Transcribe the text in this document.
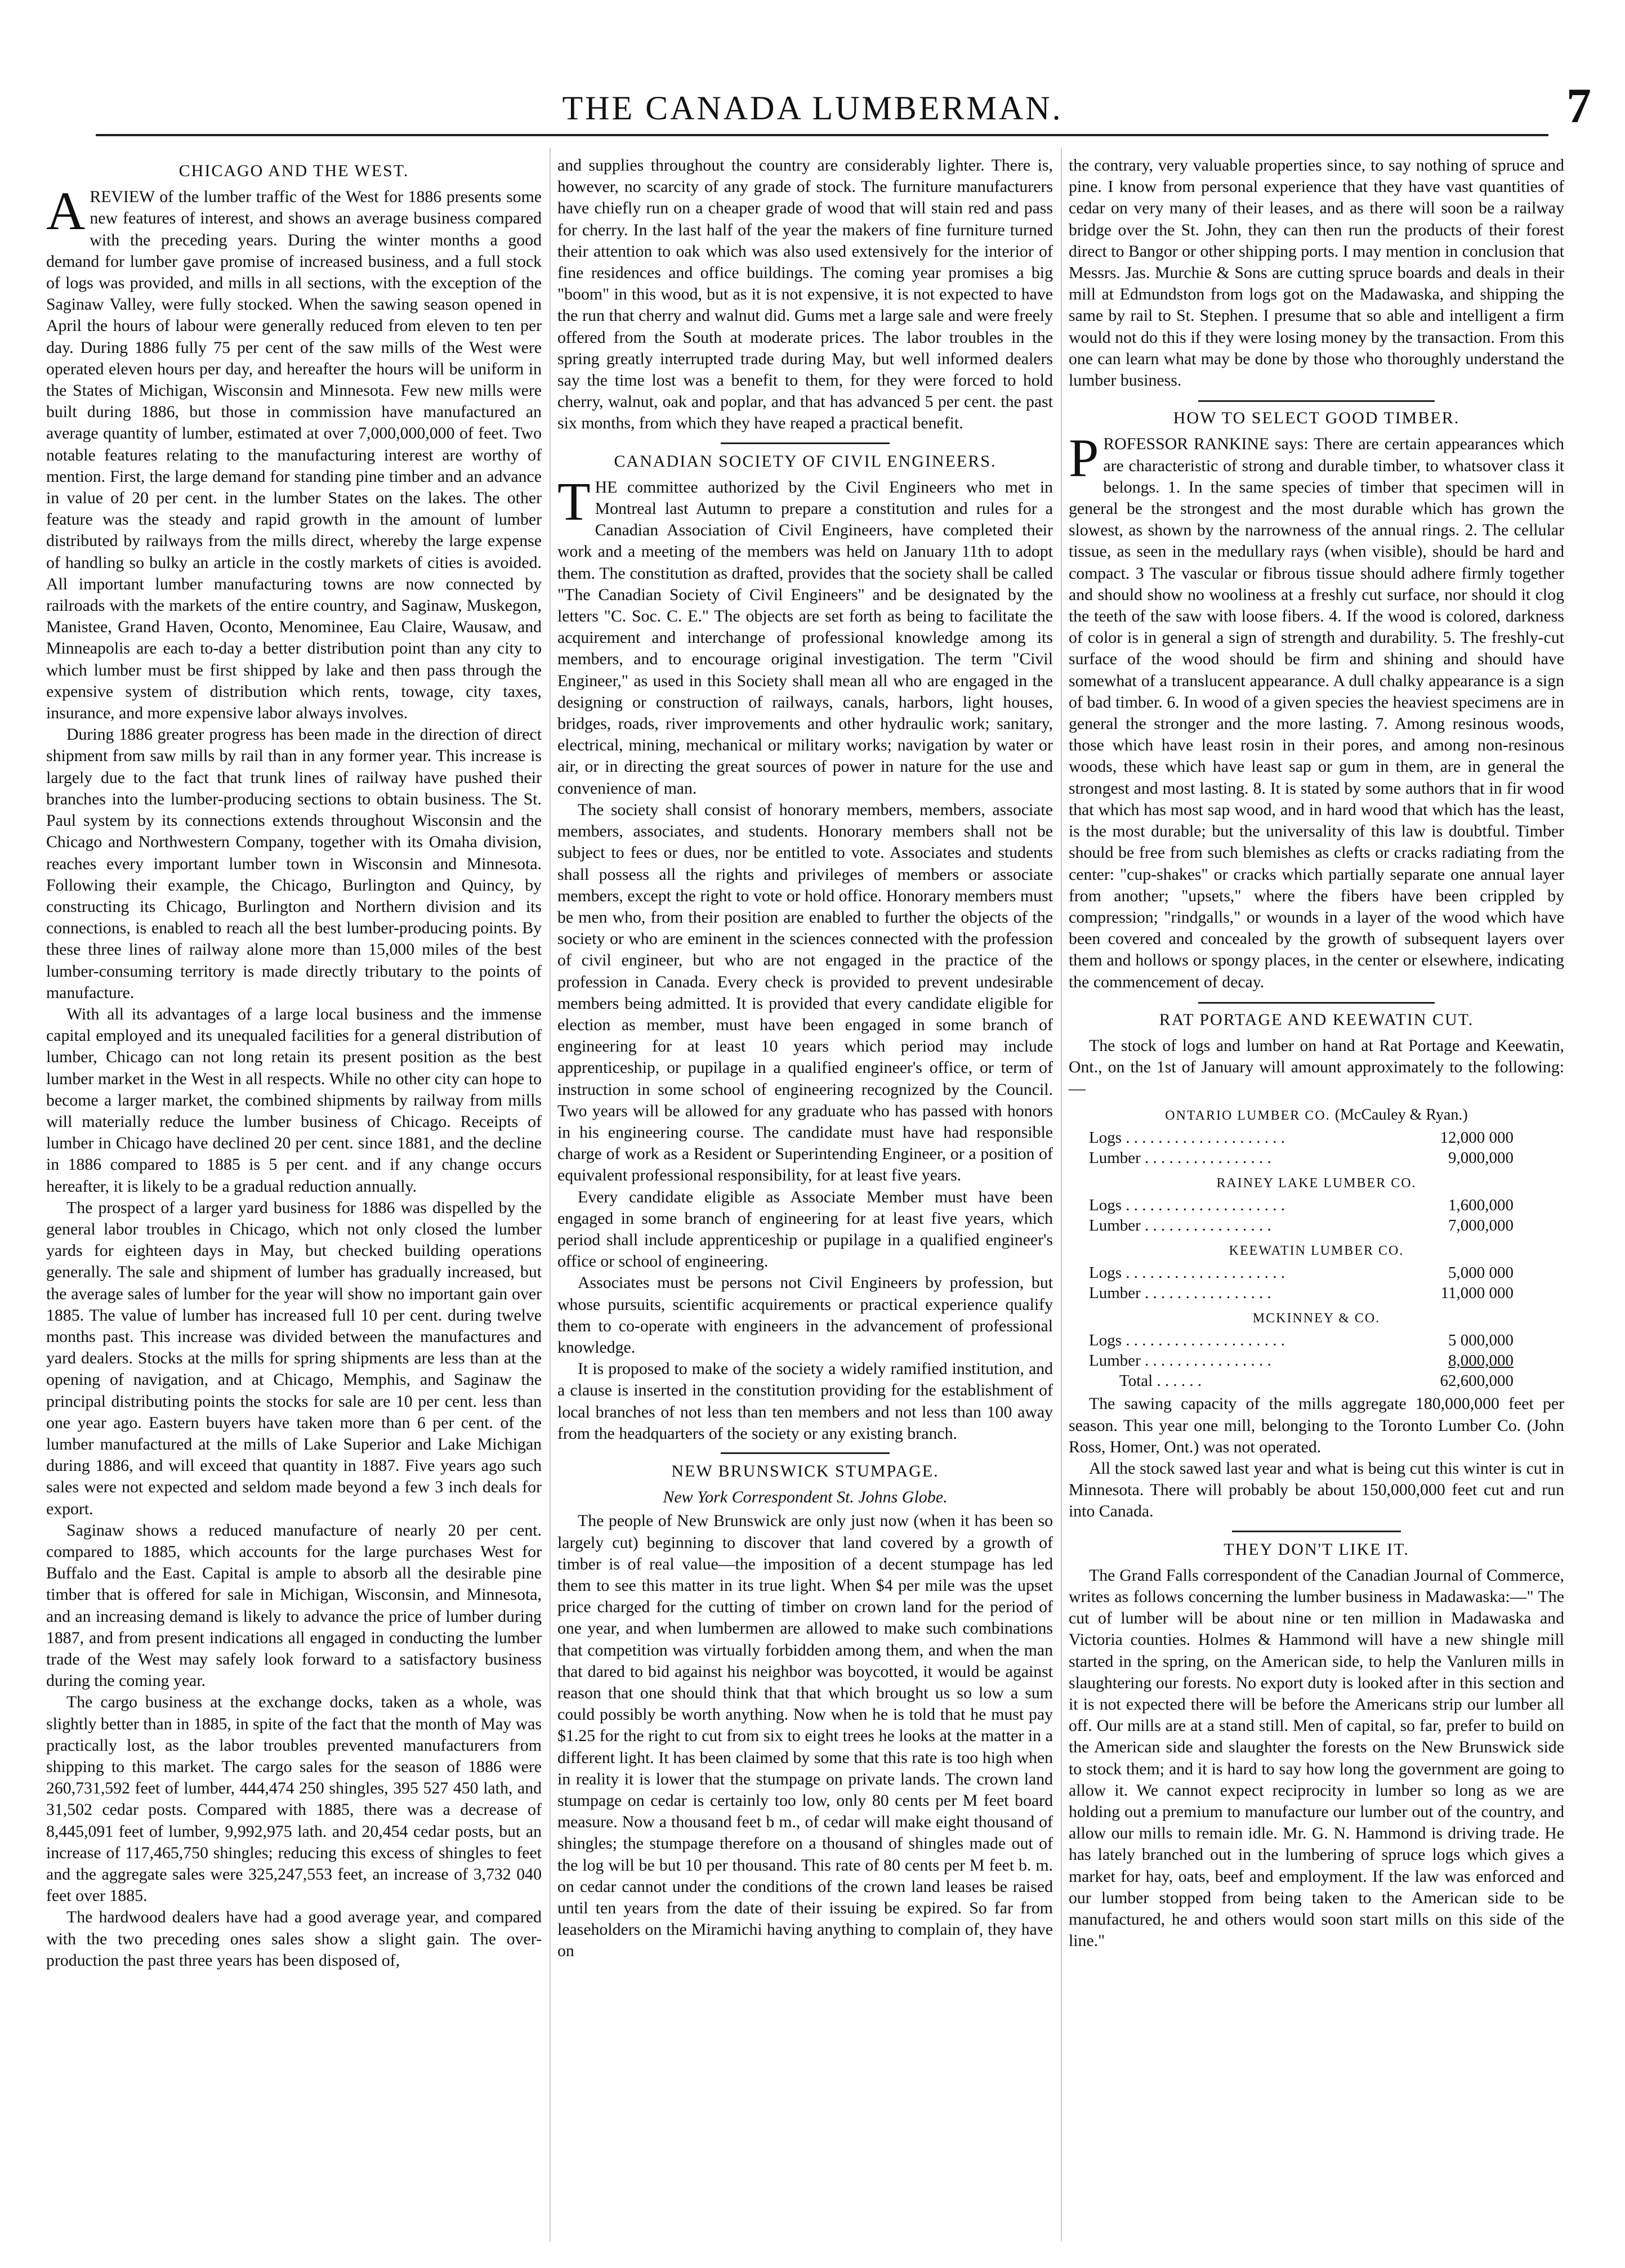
THE CANADA LUMBERMAN.	7
CHICAGO AND THE WEST.

A REVIEW of the lumber traffic of the West for 1886 presents some new features of interest, and shows an average business compared with the preceding years. During the winter months a good demand for lumber gave promise of increased business, and a full stock of logs was provided, and mills in all sections, with the exception of the Saginaw Valley, were fully stocked. When the sawing season opened in April the hours of labour were generally reduced from eleven to ten per day. During 1886 fully 75 per cent of the saw mills of the West were operated eleven hours per day, and hereafter the hours will be uniform in the States of Michigan, Wisconsin and Minnesota. Few new mills were built during 1886, but those in commission have manufactured an average quantity of lumber, estimated at over 7,000,000,000 of feet. Two notable features relating to the manufacturing interest are worthy of mention. First, the large demand for standing pine timber and an advance in value of 20 per cent. in the lumber States on the lakes. The other feature was the steady and rapid growth in the amount of lumber distributed by railways from the mills direct, whereby the large expense of handling so bulky an article in the costly markets of cities is avoided. All important lumber manufacturing towns are now connected by railroads with the markets of the entire country, and Saginaw, Muskegon, Manistee, Grand Haven, Oconto, Menominee, Eau Claire, Wausaw, and Minneapolis are each to-day a better distribution point than any city to which lumber must be first shipped by lake and then pass through the expensive system of distribution which rents, towage, city taxes, insurance, and more expensive labor always involves.

During 1886 greater progress has been made in the direction of direct shipment from saw mills by rail than in any former year. This increase is largely due to the fact that trunk lines of railway have pushed their branches into the lumber-producing sections to obtain business. The St. Paul system by its connections extends throughout Wisconsin and the Chicago and Northwestern Company, together with its Omaha division, reaches every important lumber town in Wisconsin and Minnesota. Following their example, the Chicago, Burlington and Quincy, by constructing its Chicago, Burlington and Northern division and its connections, is enabled to reach all the best lumber-producing points. By these three lines of railway alone more than 15,000 miles of the best lumber-consuming territory is made directly tributary to the points of manufacture.

With all its advantages of a large local business and the immense capital employed and its unequaled facilities for a general distribution of lumber, Chicago can not long retain its present position as the best lumber market in the West in all respects. While no other city can hope to become a larger market, the combined shipments by railway from mills will materially reduce the lumber business of Chicago. Receipts of lumber in Chicago have declined 20 per cent. since 1881, and the decline in 1886 compared to 1885 is 5 per cent. and if any change occurs hereafter, it is likely to be a gradual reduction annually.

The prospect of a larger yard business for 1886 was dispelled by the general labor troubles in Chicago, which not only closed the lumber yards for eighteen days in May, but checked building operations generally. The sale and shipment of lumber has gradually increased, but the average sales of lumber for the year will show no important gain over 1885. The value of lumber has increased full 10 per cent. during twelve months past. This increase was divided between the manufactures and yard dealers. Stocks at the mills for spring shipments are less than at the opening of navigation, and at Chicago, Memphis, and Saginaw the principal distributing points the stocks for sale are 10 per cent. less than one year ago. Eastern buyers have taken more than 6 per cent. of the lumber manufactured at the mills of Lake Superior and Lake Michigan during 1886, and will exceed that quantity in 1887. Five years ago such sales were not expected and seldom made beyond a few 3 inch deals for export.

Saginaw shows a reduced manufacture of nearly 20 per cent. compared to 1885, which accounts for the large purchases West for Buffalo and the East. Capital is ample to absorb all the desirable pine timber that is offered for sale in Michigan, Wisconsin, and Minnesota, and an increasing demand is likely to advance the price of lumber during 1887, and from present indications all engaged in conducting the lumber trade of the West may safely look forward to a satisfactory business during the coming year.

The cargo business at the exchange docks, taken as a whole, was slightly better than in 1885, in spite of the fact that the month of May was practically lost, as the labor troubles prevented manufacturers from shipping to this market. The cargo sales for the season of 1886 were 260,731,592 feet of lumber, 444,474 250 shingles, 395 527 450 lath, and 31,502 cedar posts. Compared with 1885, there was a decrease of 8,445,091 feet of lumber, 9,992,975 lath. and 20,454 cedar posts, but an increase of 117,465,750 shingles; reducing this excess of shingles to feet and the aggregate sales were 325,247,553 feet, an increase of 3,732 040 feet over 1885.

The hardwood dealers have had a good average year, and compared with the two preceding ones sales show a slight gain. The over-production the past three years has been disposed of,

and supplies throughout the country are considerably lighter. There is, however, no scarcity of any grade of stock. The furniture manufacturers have chiefly run on a cheaper grade of wood that will stain red and pass for cherry. In the last half of the year the makers of fine furniture turned their attention to oak which was also used extensively for the interior of fine residences and office buildings. The coming year promises a big "boom" in this wood, but as it is not expensive, it is not expected to have the run that cherry and walnut did. Gums met a large sale and were freely offered from the South at moderate prices. The labor troubles in the spring greatly interrupted trade during May, but well informed dealers say the time lost was a benefit to them, for they were forced to hold cherry, walnut, oak and poplar, and that has advanced 5 per cent. the past six months, from which they have reaped a practical benefit.

CANADIAN SOCIETY OF CIVIL ENGINEERS.

THE committee authorized by the Civil Engineers who met in Montreal last Autumn to prepare a constitution and rules for a Canadian Association of Civil Engineers, have completed their work and a meeting of the members was held on January 11th to adopt them. The constitution as drafted, provides that the society shall be called "The Canadian Society of Civil Engineers" and be designated by the letters "C. Soc. C. E." The objects are set forth as being to facilitate the acquirement and interchange of professional knowledge among its members, and to encourage original investigation. The term "Civil Engineer," as used in this Society shall mean all who are engaged in the designing or construction of railways, canals, harbors, light houses, bridges, roads, river improvements and other hydraulic work; sanitary, electrical, mining, mechanical or military works; navigation by water or air, or in directing the great sources of power in nature for the use and convenience of man.

The society shall consist of honorary members, members, associate members, associates, and students. Honorary members shall not be subject to fees or dues, nor be entitled to vote. Associates and students shall possess all the rights and privileges of members or associate members, except the right to vote or hold office. Honorary members must be men who, from their position are enabled to further the objects of the society or who are eminent in the sciences connected with the profession of civil engineer, but who are not engaged in the practice of the profession in Canada. Every check is provided to prevent undesirable members being admitted. It is provided that every candidate eligible for election as member, must have been engaged in some branch of engineering for at least 10 years which period may include apprenticeship, or pupilage in a qualified engineer's office, or term of instruction in some school of engineering recognized by the Council. Two years will be allowed for any graduate who has passed with honors in his engineering course. The candidate must have had responsible charge of work as a Resident or Superintending Engineer, or a position of equivalent professional responsibility, for at least five years.

Every candidate eligible as Associate Member must have been engaged in some branch of engineering for at least five years, which period shall include apprenticeship or pupilage in a qualified engineer's office or school of engineering.

Associates must be persons not Civil Engineers by profession, but whose pursuits, scientific acquirements or practical experience qualify them to co-operate with engineers in the advancement of professional knowledge.

It is proposed to make of the society a widely ramified institution, and a clause is inserted in the constitution providing for the establishment of local branches of not less than ten members and not less than 100 away from the headquarters of the society or any existing branch.

NEW BRUNSWICK STUMPAGE.
New York Correspondent St. Johns Globe.

The people of New Brunswick are only just now (when it has been so largely cut) beginning to discover that land covered by a growth of timber is of real value—the imposition of a decent stumpage has led them to see this matter in its true light. When $4 per mile was the upset price charged for the cutting of timber on crown land for the period of one year, and when lumbermen are allowed to make such combinations that competition was virtually forbidden among them, and when the man that dared to bid against his neighbor was boycotted, it would be against reason that one should think that that which brought us so low a sum could possibly be worth anything. Now when he is told that he must pay $1.25 for the right to cut from six to eight trees he looks at the matter in a different light. It has been claimed by some that this rate is too high when in reality it is lower that the stumpage on private lands. The crown land stumpage on cedar is certainly too low, only 80 cents per M feet board measure. Now a thousand feet b m., of cedar will make eight thousand of shingles; the stumpage therefore on a thousand of shingles made out of the log will be but 10 per thousand. This rate of 80 cents per M feet b. m. on cedar cannot under the conditions of the crown land leases be raised until ten years from the date of their issuing be expired. So far from leaseholders on the Miramichi having anything to complain of, they have on

the contrary, very valuable properties since, to say nothing of spruce and pine. I know from personal experience that they have vast quantities of cedar on very many of their leases, and as there will soon be a railway bridge over the St. John, they can then run the products of their forest direct to Bangor or other shipping ports. I may mention in conclusion that Messrs. Jas. Murchie & Sons are cutting spruce boards and deals in their mill at Edmundston from logs got on the Madawaska, and shipping the same by rail to St. Stephen. I presume that so able and intelligent a firm would not do this if they were losing money by the transaction. From this one can learn what may be done by those who thoroughly understand the lumber business.

HOW TO SELECT GOOD TIMBER.

PROFESSOR RANKINE says: There are certain appearances which are characteristic of strong and durable timber, to whatsover class it belongs. 1. In the same species of timber that specimen will in general be the strongest and the most durable which has grown the slowest, as shown by the narrowness of the annual rings. 2. The cellular tissue, as seen in the medullary rays (when visible), should be hard and compact. 3 The vascular or fibrous tissue should adhere firmly together and should show no wooliness at a freshly cut surface, nor should it clog the teeth of the saw with loose fibers. 4. If the wood is colored, darkness of color is in general a sign of strength and durability. 5. The freshly-cut surface of the wood should be firm and shining and should have somewhat of a translucent appearance. A dull chalky appearance is a sign of bad timber. 6. In wood of a given species the heaviest specimens are in general the stronger and the more lasting. 7. Among resinous woods, those which have least rosin in their pores, and among non-resinous woods, these which have least sap or gum in them, are in general the strongest and most lasting. 8. It is stated by some authors that in fir wood that which has most sap wood, and in hard wood that which has the least, is the most durable; but the universality of this law is doubtful. Timber should be free from such blemishes as clefts or cracks radiating from the center: "cup-shakes" or cracks which partially separate one annual layer from another; "upsets," where the fibers have been crippled by compression; "rindgalls," or wounds in a layer of the wood which have been covered and concealed by the growth of subsequent layers over them and hollows or spongy places, in the center or elsewhere, indicating the commencement of decay.

RAT PORTAGE AND KEEWATIN CUT.

The stock of logs and lumber on hand at Rat Portage and Keewatin, Ont., on the 1st of January will amount approximately to the following:—

ONTARIO LUMBER CO. (McCauley & Ryan.)
Logs . . . . . . . . . . . . . . . . . . . .	12,000 000
Lumber . . . . . . . . . . . . . . . .	9,000,000
RAINEY LAKE LUMBER CO.
Logs . . . . . . . . . . . . . . . . . . . .	1,600,000
Lumber . . . . . . . . . . . . . . . .	7,000,000
KEEWATIN LUMBER CO.
Logs . . . . . . . . . . . . . . . . . . . .	5,000 000
Lumber . . . . . . . . . . . . . . . .	11,000 000
MCKINNEY & CO.
Logs . . . . . . . . . . . . . . . . . . . .	5 000,000
Lumber . . . . . . . . . . . . . . . .	8,000,000
Total . . . . . .	62,600,000

The sawing capacity of the mills aggregate 180,000,000 feet per season. This year one mill, belonging to the Toronto Lumber Co. (John Ross, Homer, Ont.) was not operated.

All the stock sawed last year and what is being cut this winter is cut in Minnesota. There will probably be about 150,000,000 feet cut and run into Canada.

THEY DON'T LIKE IT.

The Grand Falls correspondent of the Canadian Journal of Commerce, writes as follows concerning the lumber business in Madawaska:—" The cut of lumber will be about nine or ten million in Madawaska and Victoria counties. Holmes & Hammond will have a new shingle mill started in the spring, on the American side, to help the Vanluren mills in slaughtering our forests. No export duty is looked after in this section and it is not expected there will be before the Americans strip our lumber all off. Our mills are at a stand still. Men of capital, so far, prefer to build on the American side and slaughter the forests on the New Brunswick side to stock them; and it is hard to say how long the government are going to allow it. We cannot expect reciprocity in lumber so long as we are holding out a premium to manufacture our lumber out of the country, and allow our mills to remain idle. Mr. G. N. Hammond is driving trade. He has lately branched out in the lumbering of spruce logs which gives a market for hay, oats, beef and employment. If the law was enforced and our lumber stopped from being taken to the American side to be manufactured, he and others would soon start mills on this side of the line."
